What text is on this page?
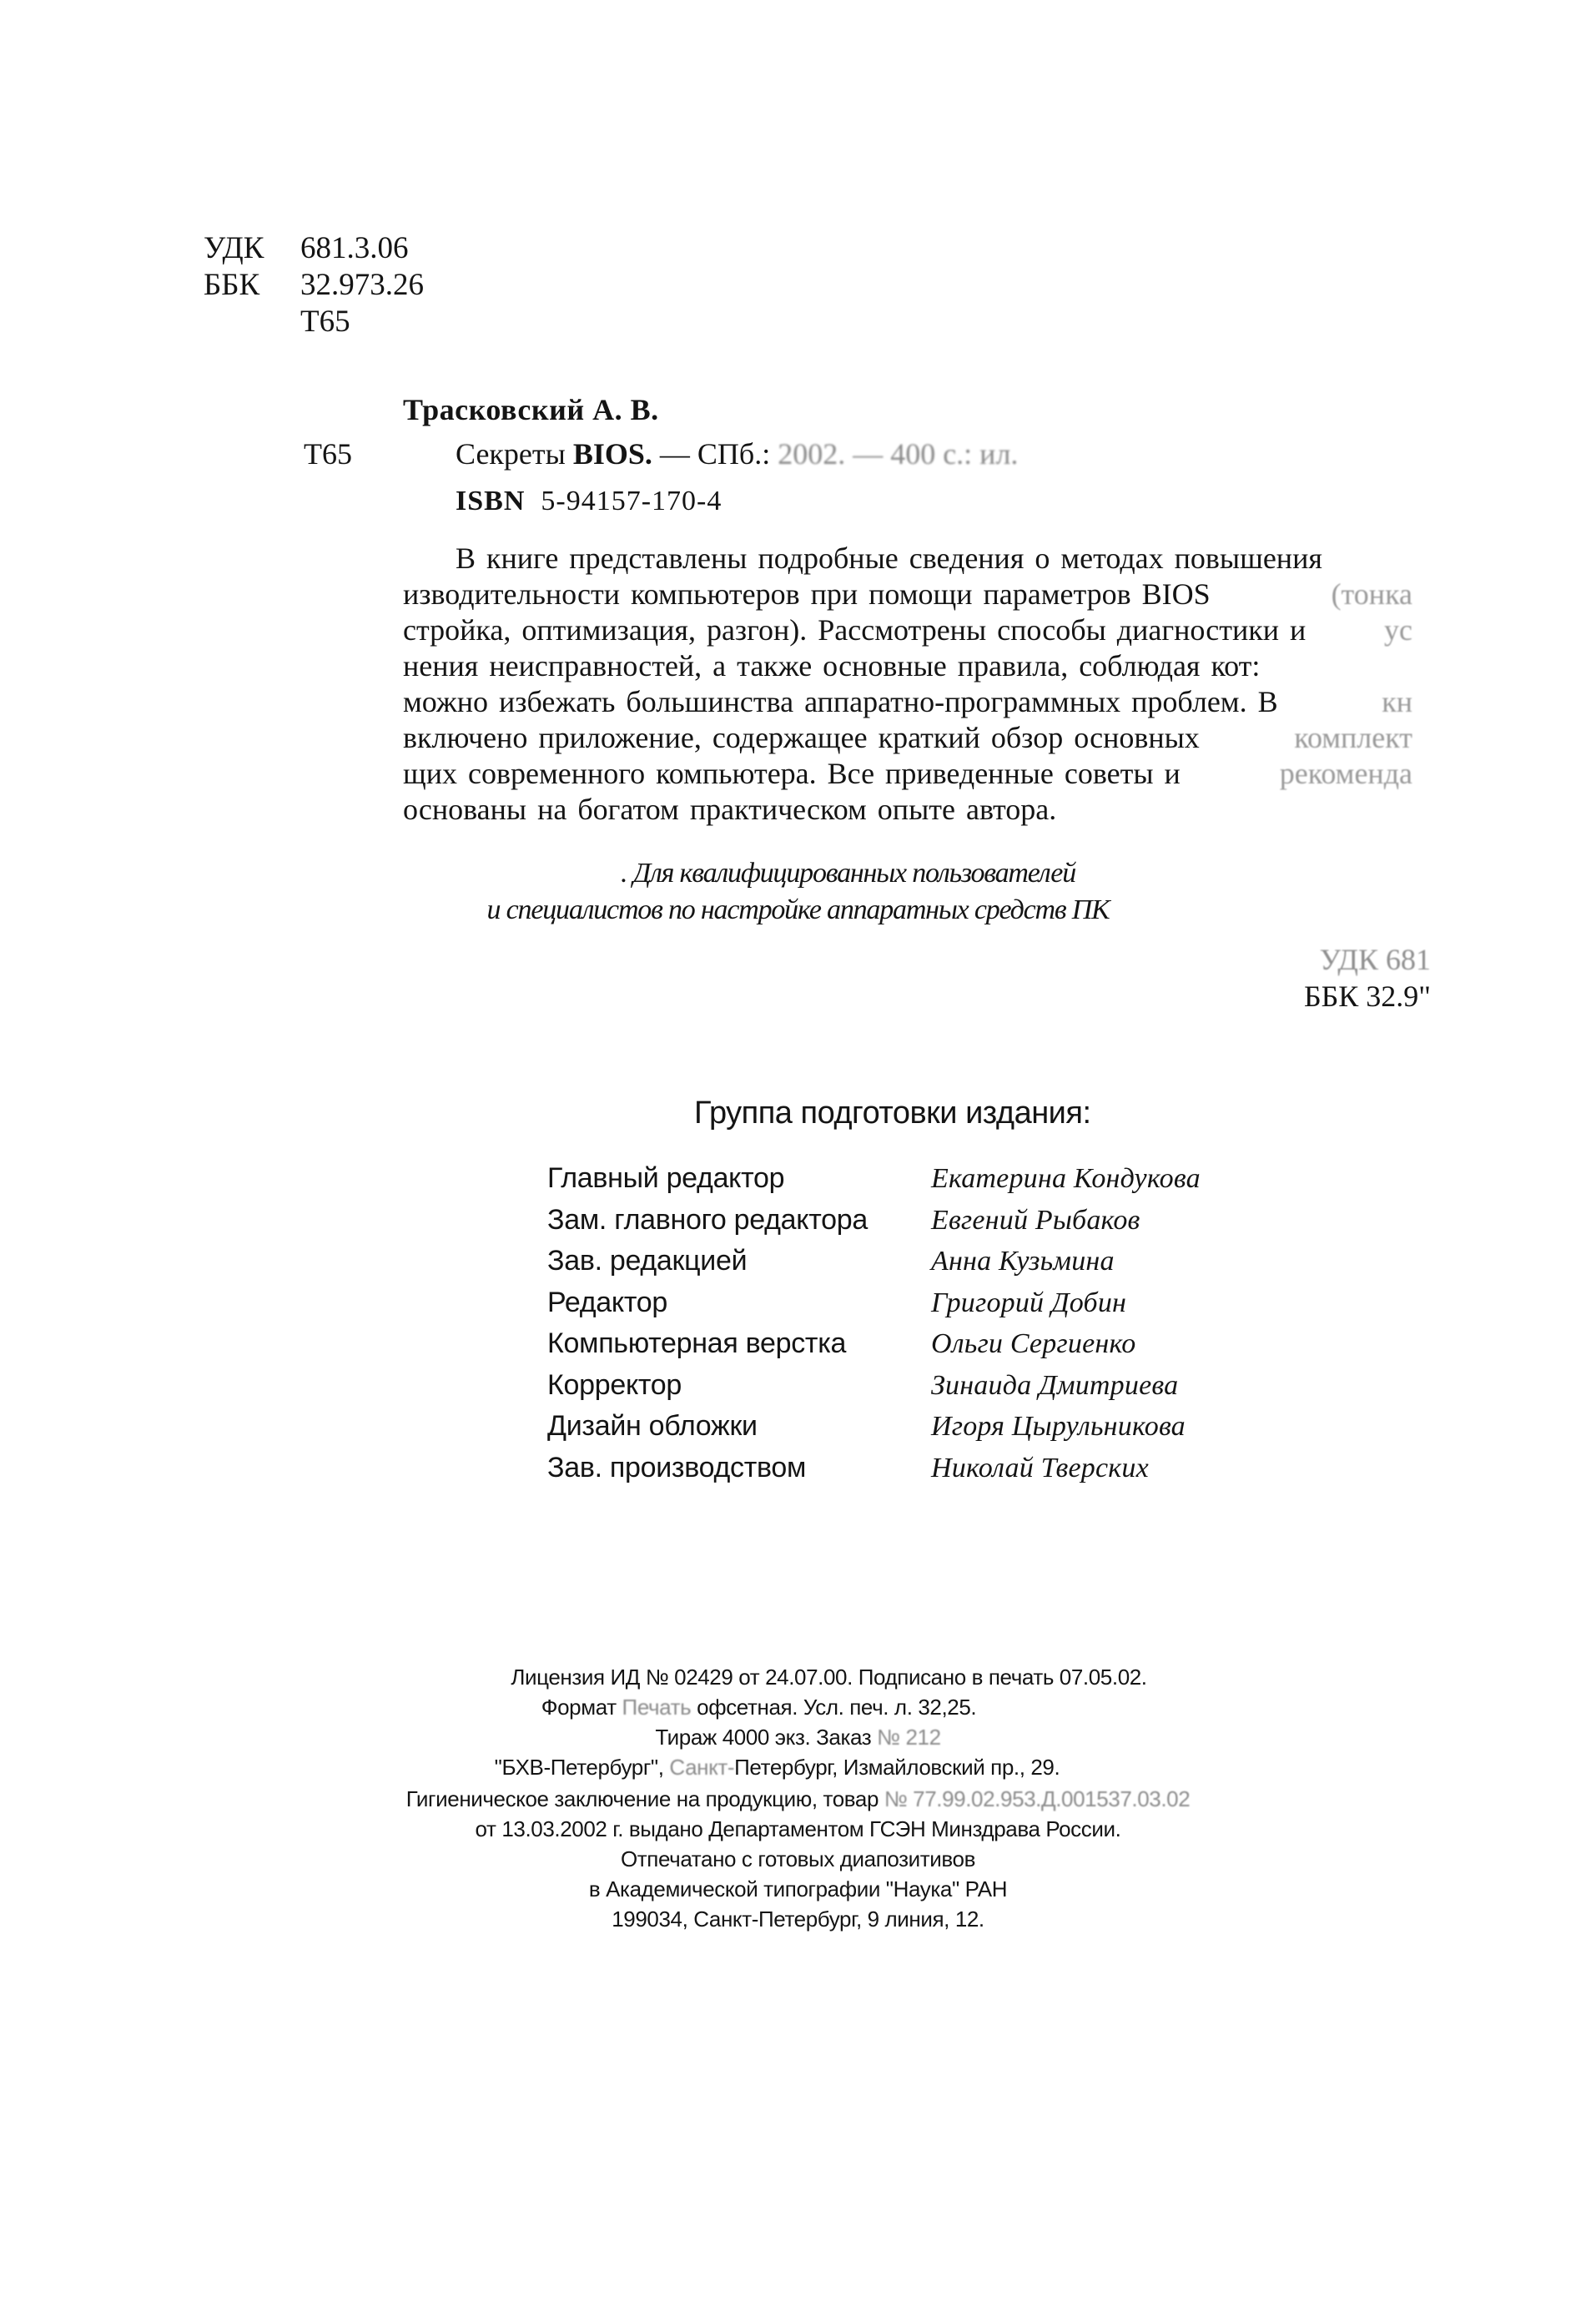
УДК 681.3.06
ББК 32.973.26
Т65
Трасковский А. В.
Т65	Секреты BIOS. — СПб.: 2002. — 400 с.: ил.
ISBN 5-94157-170-4
В книге представлены подробные сведения о методах повышения
изводительности компьютеров при помощи параметров BIOS	(тонка
стройка, оптимизация, разгон). Рассмотрены способы диагностики и	ус
нения неисправностей, а также основные правила, соблюдая кот:
можно избежать большинства аппаратно-программных проблем. В	кн
включено приложение, содержащее краткий обзор основных	комплект
щих современного компьютера. Все приведенные советы и	рекоменда
основаны на богатом практическом опыте автора.
. Для квалифицированных пользователей
и специалистов по настройке аппаратных средств ПК
УДК 681
ББК 32.9"
Группа подготовки издания:
Главный редактор	Екатерина Кондукова
Зам. главного редактора	Евгений Рыбаков
Зав. редакцией	Анна Кузьмина
Редактор	Григорий Добин
Компьютерная верстка	Ольги Сергиенко
Корректор	Зинаида Дмитриева
Дизайн обложки	Игоря Цырульникова
Зав. производством	Николай Тверских
Лицензия ИД № 02429 от 24.07.00. Подписано в печать 07.05.02.
Формат Печать офсетная. Усл. печ. л. 32,25.
Тираж 4000 экз. Заказ № 212
"БХВ-Петербург", Санкт-Петербург, Измайловский пр., 29.
Гигиеническое заключение на продукцию, товар № 77.99.02.953.Д.001537.03.02
от 13.03.2002 г. выдано Департаментом ГСЭН Минздрава России.
Отпечатано с готовых диапозитивов
в Академической типографии "Наука" РАН
199034, Санкт-Петербург, 9 линия, 12.
